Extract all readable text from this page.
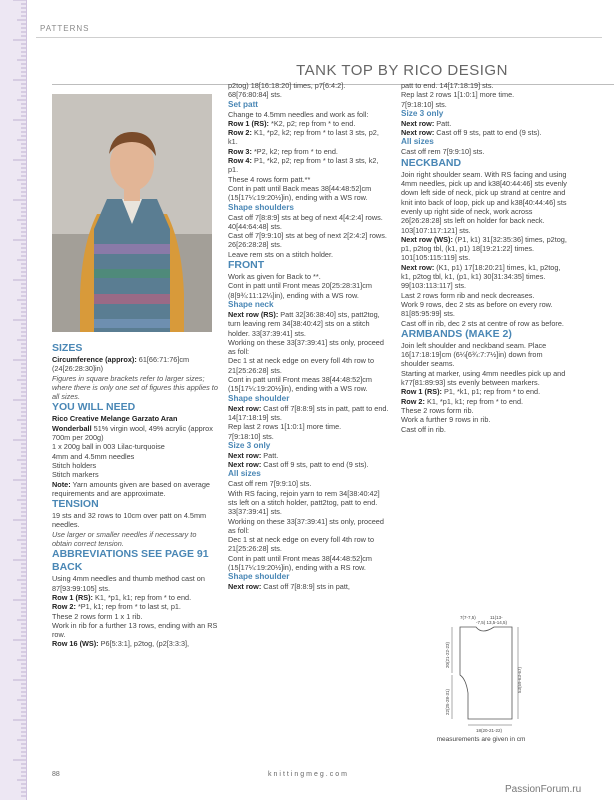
PATTERNS
TANK TOP BY RICO DESIGN

SIZES

Circumference (approx): 61[66:71:76]cm (24[26:28:30]in)

Figures in square brackets refer to larger sizes; where there is only one set of figures this applies to all sizes.

YOU WILL NEED

Rico Creative Melange Garzato Aran Wonderball 51% virgin wool, 49% acrylic (approx 700m per 200g)

1 x 200g ball in 003 Lilac-turquoise

4mm and 4.5mm needles

Stitch holders

Stitch markers

Note: Yarn amounts given are based on average requirements and are approximate.

TENSION

19 sts and 32 rows to 10cm over patt on 4.5mm needles.

Use larger or smaller needles if necessary to obtain correct tension.

ABBREVIATIONS SEE PAGE 91

BACK

Using 4mm needles and thumb method cast on 87[93:99:105] sts.

Row 1 (RS): K1, *p1, k1; rep from * to end.

Row 2: *P1, k1; rep from * to last st, p1.

These 2 rows form 1 x 1 rib.

Work in rib for a further 13 rows, ending with an RS row.

Row 16 (WS): P6[5:3:1], p2tog, (p2[3:3:3],

p2tog) 18[16:18:20] times, p7[6:4:2].

68[76:80:84] sts.

Set patt

Change to 4.5mm needles and work as foll:

Row 1 (RS): *K2, p2; rep from * to end.

Row 2: K1, *p2, k2; rep from * to last 3 sts, p2, k1.

Row 3: *P2, k2; rep from * to end.

Row 4: P1, *k2, p2; rep from * to last 3 sts, k2, p1.

These 4 rows form patt.**

Cont in patt until Back meas 38[44:48:52]cm (15[17¼:19:20½]in), ending with a WS row.

Shape shoulders

Cast off 7[8:8:9] sts at beg of next 4[4:2:4] rows. 40[44:64:48] sts.

Cast off 7[9:9:10] sts at beg of next 2[2:4:2] rows. 26[26:28:28] sts.

Leave rem sts on a stitch holder.

FRONT

Work as given for Back to **.

Cont in patt until Front meas 20[25:28:31]cm (8[9¾:11:12¼]in), ending with a WS row.

Shape neck

Next row (RS): Patt 32[36:38:40] sts, patt2tog, turn leaving rem 34[38:40:42] sts on a stitch holder. 33[37:39:41] sts.

Working on these 33[37:39:41] sts only, proceed as foll:

Dec 1 st at neck edge on every foll 4th row to 21[25:26:28] sts.

Cont in patt until Front meas 38[44:48:52]cm (15[17¼:19:20½]in), ending with a WS row.

Shape shoulder

Next row: Cast off 7[8:8:9] sts in patt, patt to end. 14[17:18:19] sts.

Rep last 2 rows 1[1:0:1] more time.

7[9:18:10] sts.

Size 3 only

Next row: Patt.

Next row: Cast off 9 sts, patt to end (9 sts).

All sizes

Cast off rem 7[9:9:10] sts.

With RS facing, rejoin yarn to rem 34[38:40:42] sts left on a stitch holder, patt2tog, patt to end. 33[37:39:41] sts.

Working on these 33[37:39:41] sts only, proceed as foll:

Dec 1 st at neck edge on every foll 4th row to 21[25:26:28] sts.

Cont in patt until Front meas 38[44:48:52]cm (15[17¼:19:20½]in), ending with a RS row.

Shape shoulder

Next row: Cast off 7[8:8:9] sts in patt,

patt to end. 14[17:18:19] sts.

Rep last 2 rows 1[1:0:1] more time.

7[9:18:10] sts.

Size 3 only

Next row: Patt.

Next row: Cast off 9 sts, patt to end (9 sts).

All sizes

Cast off rem 7[9:9:10] sts.

NECKBAND

Join right shoulder seam. With RS facing and using 4mm needles, pick up and k38[40:44:46] sts evenly down left side of neck, pick up strand at centre and knit into back of loop, pick up and k38[40:44:46] sts evenly up right side of neck, work across 26[26:28:28] sts left on holder for back neck. 103[107:117:121] sts.

Next row (WS): (P1, k1) 31[32:35:36] times, p2tog, p1, p2tog tbl, (k1, p1) 18[19:21:22] times. 101[105:115:119] sts.

Next row: (K1, p1) 17[18:20:21] times, k1, p2tog, k1, p2tog tbl, k1, (p1, k1) 30[31:34:35] times. 99[103:113:117] sts.

Last 2 rows form rib and neck decreases.

Work 9 rows, dec 2 sts as before on every row. 81[85:95:99] sts.

Cast off in rib, dec 2 sts at centre of row as before.

ARMBANDS (MAKE 2)

Join left shoulder and neckband seam. Place 16[17:18:19]cm (6¼[6¾:7:7½]in) down from shoulder seams.

Starting at marker, using 4mm needles pick up and k77[81:89:93] sts evenly between markers.

Row 1 (RS): P1, *k1, p1; rep from * to end.

Row 2: K1, *p1, k1; rep from * to end.

These 2 rows form rib.

Work a further 9 rows in rib.

Cast off in rib.

7(7-7,5)	11(13-
-7,5) 13,5-14,5)
20(21-22-23)
22(25-28-31)
53(59-63-67)
18(20-21-22)
measurements are given in cm
88	knittingmeg.com
PassionForum.ru
